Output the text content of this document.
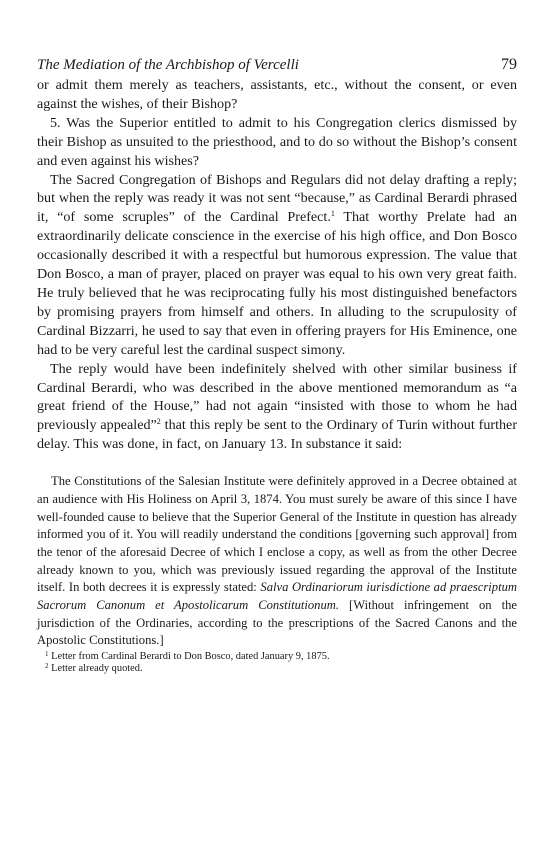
The Mediation of the Archbishop of Vercelli	79

or admit them merely as teachers, assistants, etc., without the consent, or even against the wishes, of their Bishop?

5. Was the Superior entitled to admit to his Congregation clerics dismissed by their Bishop as unsuited to the priesthood, and to do so without the Bishop’s consent and even against his wishes?

The Sacred Congregation of Bishops and Regulars did not delay drafting a reply; but when the reply was ready it was not sent “because,” as Cardinal Berardi phrased it, “of some scruples” of the Cardinal Prefect.$^1$ That worthy Prelate had an extraordinarily delicate conscience in the exercise of his high office, and Don Bosco occasionally described it with a respectful but humorous expression. The value that Don Bosco, a man of prayer, placed on prayer was equal to his own very great faith. He truly believed that he was reciprocating fully his most distinguished benefactors by promising prayers from himself and others. In alluding to the scrupulosity of Cardinal Bizzarri, he used to say that even in offering prayers for His Eminence, one had to be very careful lest the cardinal suspect simony.

The reply would have been indefinitely shelved with other similar business if Cardinal Berardi, who was described in the above mentioned memorandum as “a great friend of the House,” had not again “insisted with those to whom he had previously appealed”$^2$ that this reply be sent to the Ordinary of Turin without further delay. This was done, in fact, on January 13. In substance it said:

The Constitutions of the Salesian Institute were definitely approved in a Decree obtained at an audience with His Holiness on April 3, 1874. You must surely be aware of this since I have well-founded cause to believe that the Superior General of the Institute in question has already informed you of it. You will readily understand the conditions [governing such approval] from the tenor of the aforesaid Decree of which I enclose a copy, as well as from the other Decree already known to you, which was previously issued regarding the approval of the Institute itself. In both decrees it is expressly stated: Salva Ordinariorum iurisdictione ad praescriptum Sacrorum Canonum et Apostolicarum Constitutionum. [Without infringement on the jurisdiction of the Ordinaries, according to the prescriptions of the Sacred Canons and the Apostolic Constitutions.]

$^1$ Letter from Cardinal Berardi to Don Bosco, dated January 9, 1875.
$^2$ Letter already quoted.
